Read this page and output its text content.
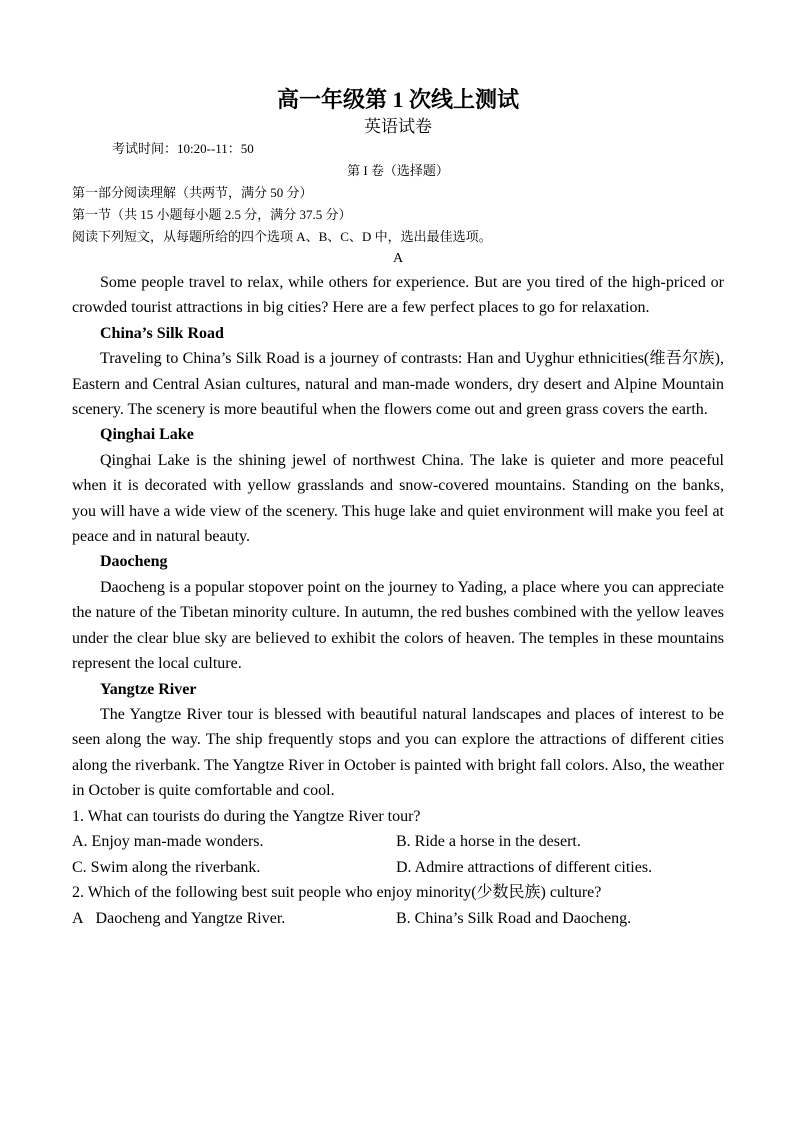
高一年级第 1 次线上测试
英语试卷

考试时间：10:20--11：50

第 I 卷（选择题）

第一部分阅读理解（共两节，满分 50 分）

第一节（共 15 小题每小题 2.5 分，满分 37.5 分）

阅读下列短文，从每题所给的四个选项 A、B、C、D 中，选出最佳选项。

A

Some people travel to relax, while others for experience. But are you tired of the high-priced or crowded tourist attractions in big cities? Here are a few perfect places to go for relaxation.

China’s Silk Road

Traveling to China’s Silk Road is a journey of contrasts: Han and Uyghur ethnicities(维吾尔族), Eastern and Central Asian cultures, natural and man-made wonders, dry desert and Alpine Mountain scenery. The scenery is more beautiful when the flowers come out and green grass covers the earth.

Qinghai Lake

Qinghai Lake is the shining jewel of northwest China. The lake is quieter and more peaceful when it is decorated with yellow grasslands and snow-covered mountains. Standing on the banks, you will have a wide view of the scenery. This huge lake and quiet environment will make you feel at peace and in natural beauty.

Daocheng

Daocheng is a popular stopover point on the journey to Yading, a place where you can appreciate the nature of the Tibetan minority culture. In autumn, the red bushes combined with the yellow leaves under the clear blue sky are believed to exhibit the colors of heaven. The temples in these mountains represent the local culture.

Yangtze River

The Yangtze River tour is blessed with beautiful natural landscapes and places of interest to be seen along the way. The ship frequently stops and you can explore the attractions of different cities along the riverbank. The Yangtze River in October is painted with bright fall colors. Also, the weather in October is quite comfortable and cool.

1. What can tourists do during the Yangtze River tour?

A. Enjoy man-made wonders.	B. Ride a horse in the desert.
C. Swim along the riverbank.	D. Admire attractions of different cities.

2. Which of the following best suit people who enjoy minority(少数民族) culture?

A   Daocheng and Yangtze River.	B. China’s Silk Road and Daocheng.
